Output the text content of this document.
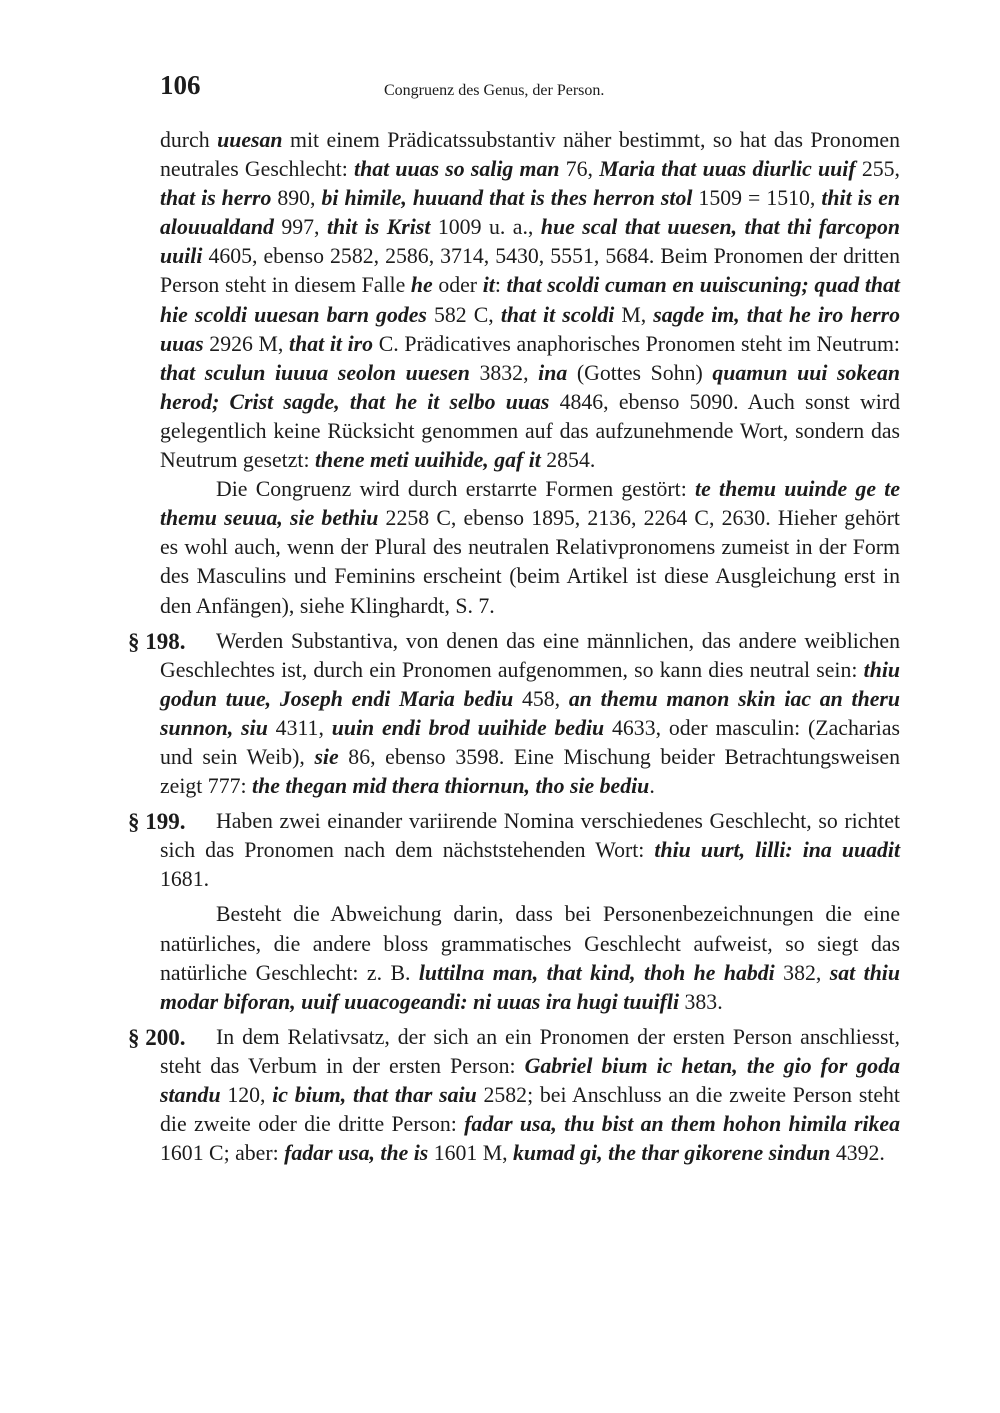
106	Congruenz des Genus, der Person.

durch uuesan mit einem Prädicatssubstantiv näher bestimmt, so hat das Pronomen neutrales Geschlecht: that uuas so salig man 76, Maria that uuas diurlic uuif 255, that is herro 890, bi himile, huuand that is thes herron stol 1509 = 1510, thit is en alouualdand 997, thit is Krist 1009 u. a., hue scal that uuesen, that thi farcopon uuili 4605, ebenso 2582, 2586, 3714, 5430, 5551, 5684. Beim Pronomen der dritten Person steht in diesem Falle he oder it: that scoldi cuman en uuiscuning; quad that hie scoldi uuesan barn godes 582 C, that it scoldi M, sagde im, that he iro herro uuas 2926 M, that it iro C. Prädicatives anaphorisches Pronomen steht im Neutrum: that sculun iuuua seolon uuesen 3832, ina (Gottes Sohn) quamun uui sokean herod; Crist sagde, that he it selbo uuas 4846, ebenso 5090. Auch sonst wird gelegentlich keine Rücksicht genommen auf das aufzunehmende Wort, sondern das Neutrum gesetzt: thene meti uuihide, gaf it 2854.

Die Congruenz wird durch erstarrte Formen gestört: te themu uuinde ge te themu seuua, sie bethiu 2258 C, ebenso 1895, 2136, 2264 C, 2630. Hieher gehört es wohl auch, wenn der Plural des neutralen Relativpronomens zumeist in der Form des Masculins und Feminins erscheint (beim Artikel ist diese Ausgleichung erst in den Anfängen), siehe Klinghardt, S. 7.

§ 198. Werden Substantiva, von denen das eine männlichen, das andere weiblichen Geschlechtes ist, durch ein Pronomen aufgenommen, so kann dies neutral sein: thiu godun tuue, Joseph endi Maria bediu 458, an themu manon skin iac an theru sunnon, siu 4311, uuin endi brod uuihide bediu 4633, oder masculin: (Zacharias und sein Weib), sie 86, ebenso 3598. Eine Mischung beider Betrachtungsweisen zeigt 777: the thegan mid thera thiornun, tho sie bediu.

§ 199. Haben zwei einander variirende Nomina verschiedenes Geschlecht, so richtet sich das Pronomen nach dem nächststehenden Wort: thiu uurt, lilli: ina uuadit 1681.

Besteht die Abweichung darin, dass bei Personenbezeichnungen die eine natürliches, die andere bloss grammatisches Geschlecht aufweist, so siegt das natürliche Geschlecht: z. B. luttilna man, that kind, thoh he habdi 382, sat thiu modar biforan, uuif uuacogeandi: ni uuas ira hugi tuuifli 383.

§ 200. In dem Relativsatz, der sich an ein Pronomen der ersten Person anschliesst, steht das Verbum in der ersten Person: Gabriel bium ic hetan, the gio for goda standu 120, ic bium, that thar saiu 2582; bei Anschluss an die zweite Person steht die zweite oder die dritte Person: fadar usa, thu bist an them hohon himila rikea 1601 C; aber: fadar usa, the is 1601 M, kumad gi, the thar gikorene sindun 4392.
